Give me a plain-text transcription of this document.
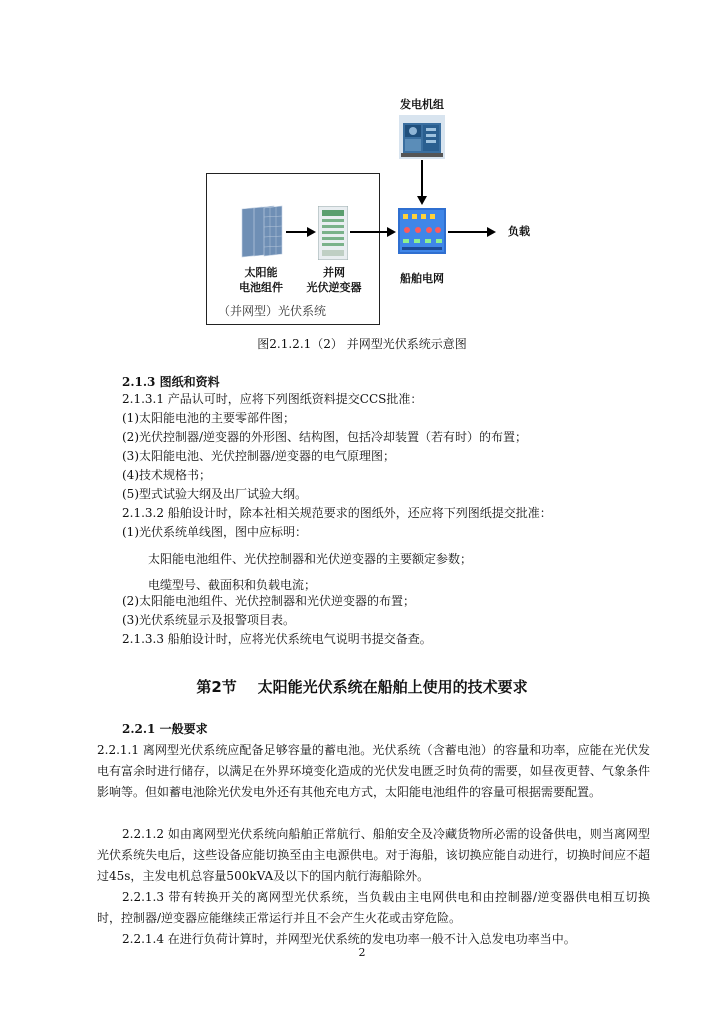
发电机组
负载
太阳能
电池组件
并网
光伏逆变器
船舶电网
（并网型）光伏系统
图2.1.2.1（2） 并网型光伏系统示意图
2.1.3 图纸和资料
2.1.3.1 产品认可时，应将下列图纸资料提交CCS批准：
(1)太阳能电池的主要零部件图；
(2)光伏控制器/逆变器的外形图、结构图，包括冷却装置（若有时）的布置；
(3)太阳能电池、光伏控制器/逆变器的电气原理图；
(4)技术规格书；
(5)型式试验大纲及出厂试验大纲。
2.1.3.2 船舶设计时，除本社相关规范要求的图纸外，还应将下列图纸提交批准：
(1)光伏系统单线图，图中应标明：
太阳能电池组件、光伏控制器和光伏逆变器的主要额定参数；
电缆型号、截面积和负载电流；
(2)太阳能电池组件、光伏控制器和光伏逆变器的布置；
(3)光伏系统显示及报警项目表。
2.1.3.3 船舶设计时，应将光伏系统电气说明书提交备查。
第2节    太阳能光伏系统在船舶上使用的技术要求
2.2.1 一般要求
2.2.1.1 离网型光伏系统应配备足够容量的蓄电池。光伏系统（含蓄电池）的容量和功率，应能在光伏发电有富余时进行储存，以满足在外界环境变化造成的光伏发电匮乏时负荷的需要，如昼夜更替、气象条件影响等。但如蓄电池除光伏发电外还有其他充电方式，太阳能电池组件的容量可根据需要配置。
2.2.1.2 如由离网型光伏系统向船舶正常航行、船舶安全及冷藏货物所必需的设备供电，则当离网型光伏系统失电后，这些设备应能切换至由主电源供电。对于海船，该切换应能自动进行，切换时间应不超过45s，主发电机总容量500kVA及以下的国内航行海船除外。
2.2.1.3 带有转换开关的离网型光伏系统，当负载由主电网供电和由控制器/逆变器供电相互切换时，控制器/逆变器应能继续正常运行并且不会产生火花或击穿危险。
2.2.1.4 在进行负荷计算时，并网型光伏系统的发电功率一般不计入总发电功率当中。
2
